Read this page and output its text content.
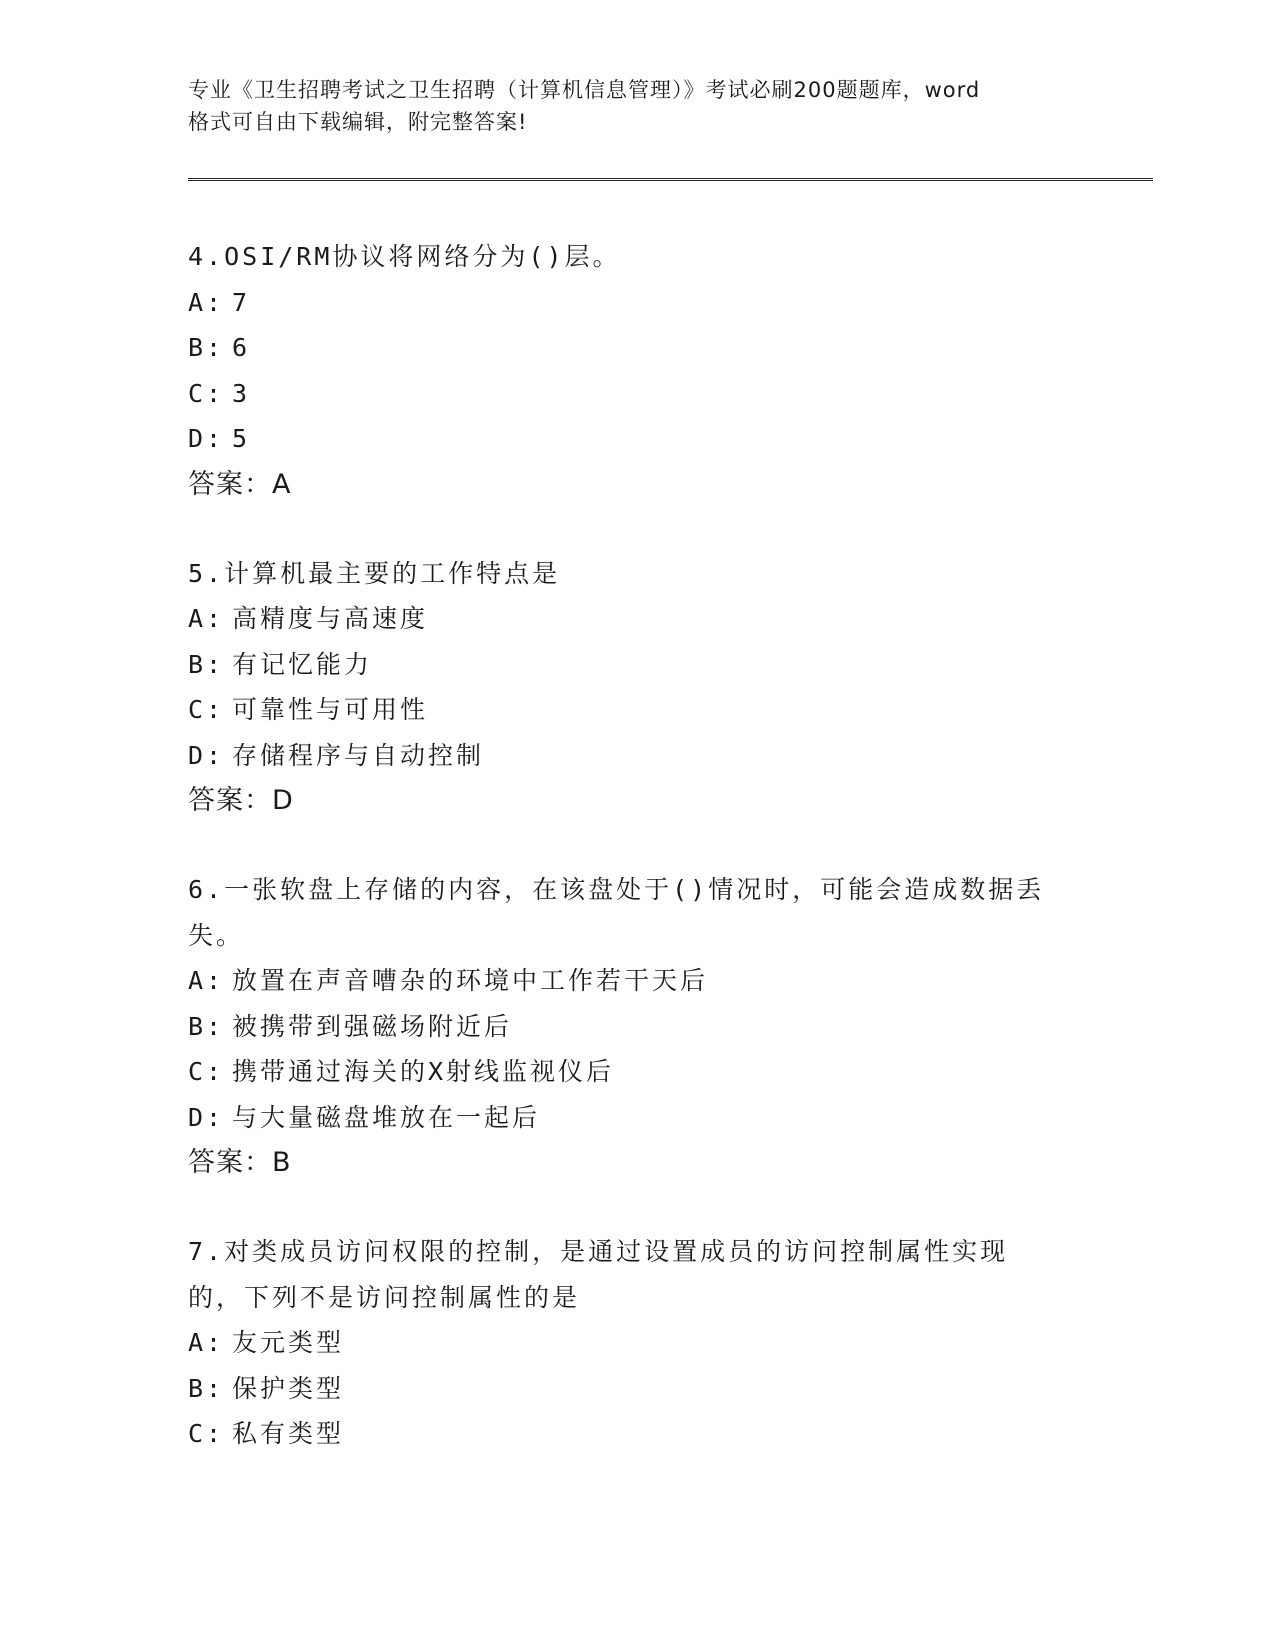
专业《卫生招聘考试之卫生招聘（计算机信息管理）》考试必刷200题题库，word
格式可自由下载编辑，附完整答案!
4.OSI/RM协议将网络分为()层。
A: 7
B: 6
C: 3
D: 5
答案：A
5.计算机最主要的工作特点是
A: 高精度与高速度
B: 有记忆能力
C: 可靠性与可用性
D: 存储程序与自动控制
答案：D
6.一张软盘上存储的内容，在该盘处于()情况时，可能会造成数据丢失。
A: 放置在声音嘈杂的环境中工作若干天后
B: 被携带到强磁场附近后
C: 携带通过海关的X射线监视仪后
D: 与大量磁盘堆放在一起后
答案：B
7.对类成员访问权限的控制，是通过设置成员的访问控制属性实现的，下列不是访问控制属性的是
A: 友元类型
B: 保护类型
C: 私有类型
